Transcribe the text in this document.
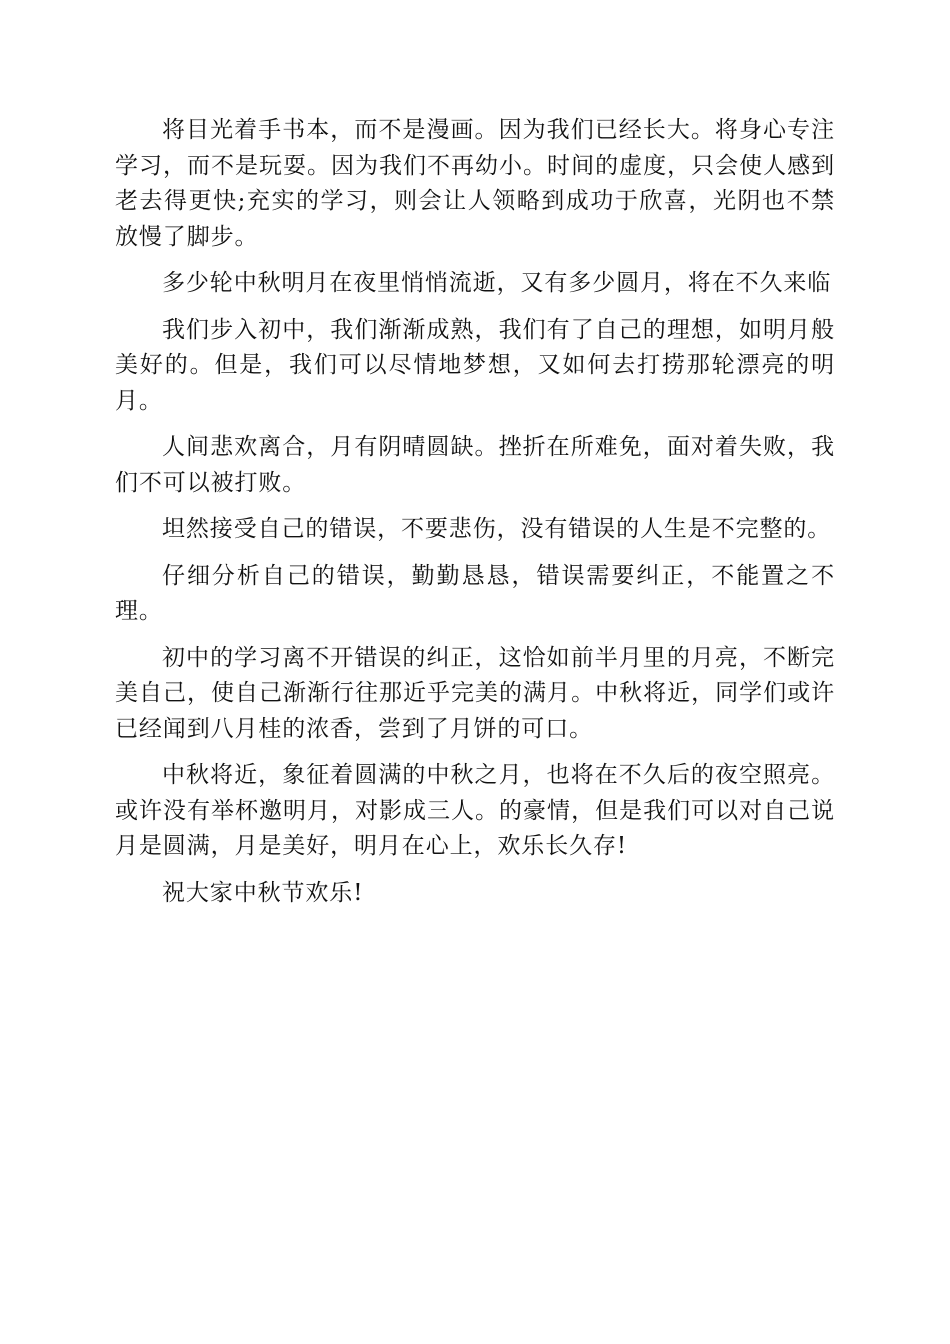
将目光着手书本，而不是漫画。因为我们已经长大。将身心专注学习，而不是玩耍。因为我们不再幼小。时间的虚度，只会使人感到老去得更快;充实的学习，则会让人领略到成功于欣喜，光阴也不禁放慢了脚步。

多少轮中秋明月在夜里悄悄流逝，又有多少圆月，将在不久来临

我们步入初中，我们渐渐成熟，我们有了自己的理想，如明月般美好的。但是，我们可以尽情地梦想，又如何去打捞那轮漂亮的明月。

人间悲欢离合，月有阴晴圆缺。挫折在所难免，面对着失败，我们不可以被打败。

坦然接受自己的错误，不要悲伤，没有错误的人生是不完整的。

仔细分析自己的错误，勤勤恳恳，错误需要纠正，不能置之不理。

初中的学习离不开错误的纠正，这恰如前半月里的月亮，不断完美自己，使自己渐渐行往那近乎完美的满月。中秋将近，同学们或许已经闻到八月桂的浓香，尝到了月饼的可口。

中秋将近，象征着圆满的中秋之月，也将在不久后的夜空照亮。或许没有举杯邀明月，对影成三人。的豪情，但是我们可以对自己说月是圆满，月是美好，明月在心上，欢乐长久存!

祝大家中秋节欢乐!
